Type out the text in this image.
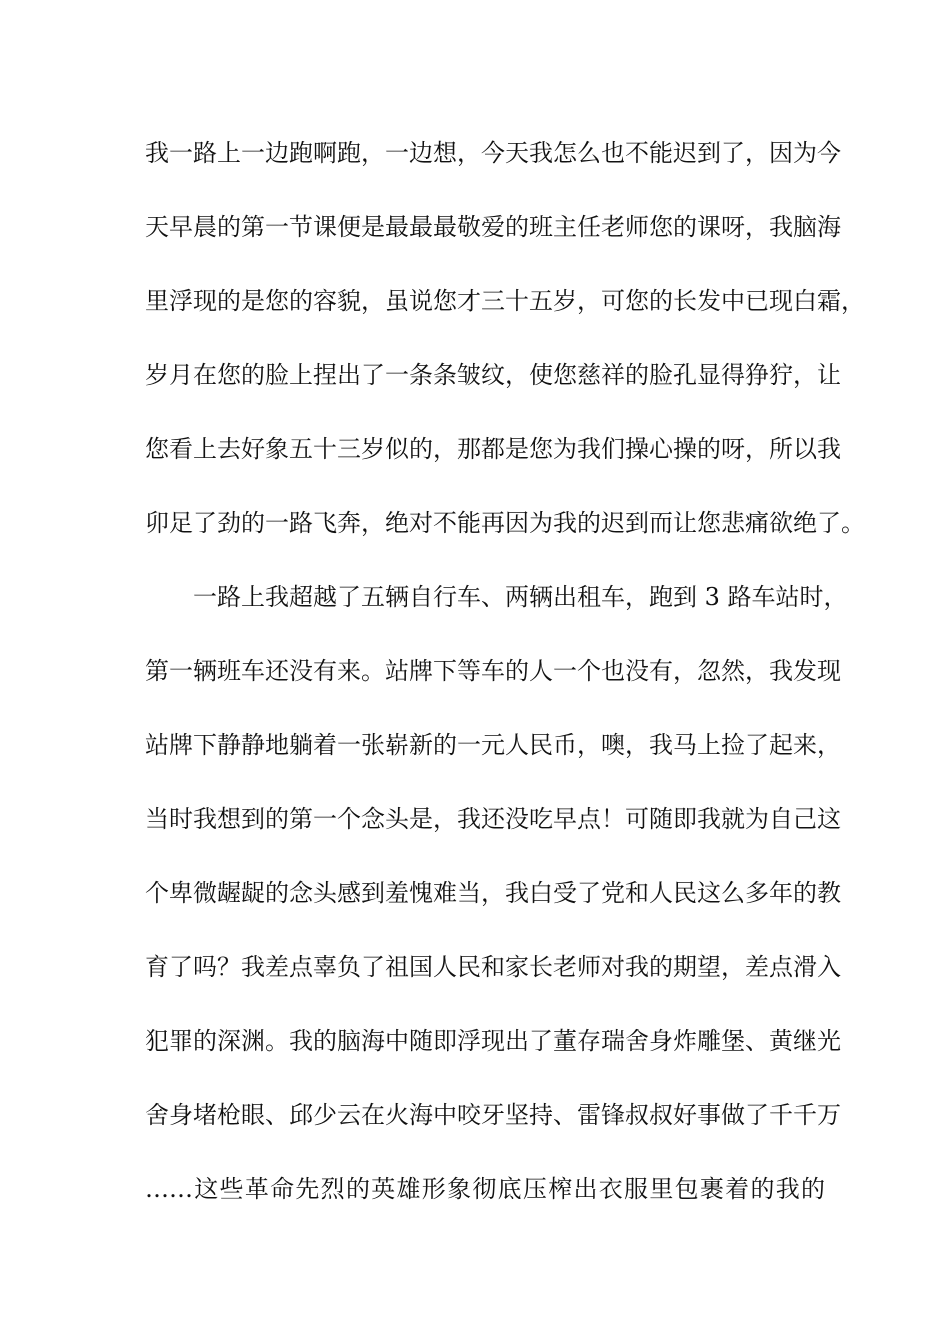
我一路上一边跑啊跑，一边想，今天我怎么也不能迟到了，因为今
天早晨的第一节课便是最最最敬爱的班主任老师您的课呀，我脑海
里浮现的是您的容貌，虽说您才三十五岁，可您的长发中已现白霜，
岁月在您的脸上捏出了一条条皱纹，使您慈祥的脸孔显得狰狞，让
您看上去好象五十三岁似的，那都是您为我们操心操的呀，所以我
卯足了劲的一路飞奔，绝对不能再因为我的迟到而让您悲痛欲绝了。
一路上我超越了五辆自行车、两辆出租车，跑到 3 路车站时，
第一辆班车还没有来。站牌下等车的人一个也没有，忽然，我发现
站牌下静静地躺着一张崭新的一元人民币，噢，我马上捡了起来，
当时我想到的第一个念头是，我还没吃早点！可随即我就为自己这
个卑微龌龊的念头感到羞愧难当，我白受了党和人民这么多年的教
育了吗？我差点辜负了祖国人民和家长老师对我的期望，差点滑入
犯罪的深渊。我的脑海中随即浮现出了董存瑞舍身炸雕堡、黄继光
舍身堵枪眼、邱少云在火海中咬牙坚持、雷锋叔叔好事做了千千万
……这些革命先烈的英雄形象彻底压榨出衣服里包裹着的我的
